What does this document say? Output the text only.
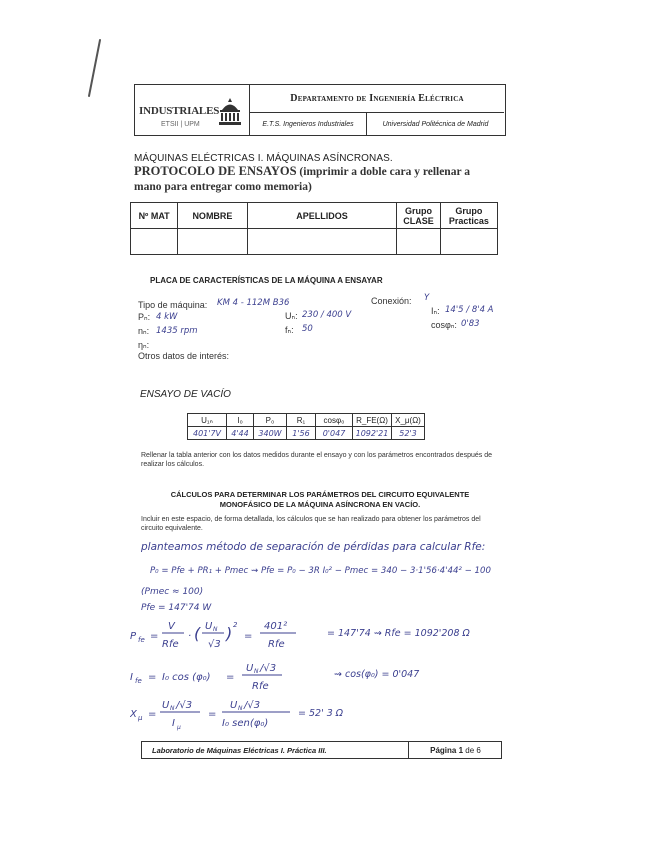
INDUSTRIALES
ETSII | UPM
Departamento de Ingeniería Eléctrica
E.T.S. Ingenieros Industriales	Universidad Politécnica de Madrid
MÁQUINAS ELÉCTRICAS I. MÁQUINAS ASÍNCRONAS.
PROTOCOLO DE ENSAYOS (imprimir a doble cara y rellenar a
mano para entregar como memoria)
Nº MAT	NOMBRE	APELLIDOS	Grupo CLASE	Grupo Practicas

PLACA DE CARACTERÍSTICAS DE LA MÁQUINA A ENSAYAR
Tipo de máquina: KM 4 - 112M B36	Conexión: Y
Pₙ: 4 kW	Uₙ: 230 / 400 V	Iₙ: 14'5 / 8'4 A
nₙ: 1435 rpm	fₙ: 50	cosφₙ: 0'83
ηₙ:
Otros datos de interés:
ENSAYO DE VACÍO
U₁ₙ	I₀	P₀	R₁	cosφ₀	R_FE(Ω)	X_μ(Ω)
401'7V	4'44	340W	1'56	0'047	1092'21	52'3
Rellenar la tabla anterior con los datos medidos durante el ensayo y con los parámetros encontrados después de realizar los cálculos.
CÁLCULOS PARA DETERMINAR LOS PARÁMETROS DEL CIRCUITO EQUIVALENTE
MONOFÁSICO DE LA MÁQUINA ASÍNCRONA EN VACÍO.
Incluir en este espacio, de forma detallada, los cálculos que se han realizado para obtener los parámetros del circuito equivalente.
planteamos método de separación de pérdidas para calcular Rfe:
P₀ = Pfe + PR₁ + Pmec ⇝ Pfe = P₀ − 3R I₀² − Pmec = 340 − 3·1'56·4'44² − 100
(Pmec ≈ 100)
Pfe = 147'74 W
P fe =
V
Rfe
· ( U N
√3
) 2
=
401²
Rfe
= 147'74 ⇝ Rfe = 1092'208 Ω
I fe = I₀ cos (φ₀) =
U N /√3
Rfe
⇝ cos(φ₀) = 0'047
X μ =
U N /√3
I μ
=
U N /√3
I₀ sen(φ₀)
= 52' 3 Ω
Laboratorio de Máquinas Eléctricas I. Práctica III.	Página
1
de 6
